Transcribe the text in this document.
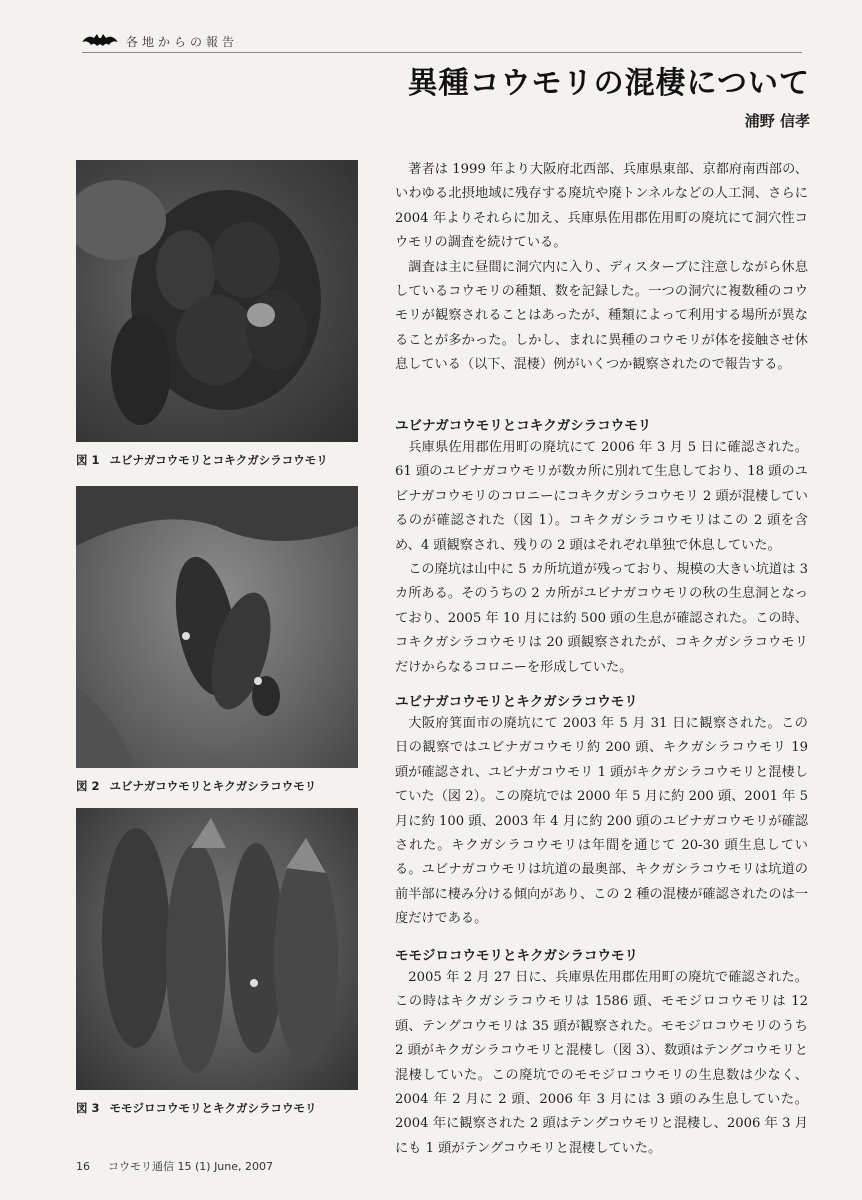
各地からの報告
異種コウモリの混棲について
浦野 信孝
図 1 ユビナガコウモリとコキクガシラコウモリ
図 2 ユビナガコウモリとキクガシラコウモリ
図 3 モモジロコウモリとキクガシラコウモリ

著者は 1999 年より大阪府北西部、兵庫県東部、京都府南西部の、いわゆる北摂地域に残存する廃坑や廃トンネルなどの人工洞、さらに 2004 年よりそれらに加え、兵庫県佐用郡佐用町の廃坑にて洞穴性コウモリの調査を続けている。

調査は主に昼間に洞穴内に入り、ディスターブに注意しながら休息しているコウモリの種類、数を記録した。一つの洞穴に複数種のコウモリが観察されることはあったが、種類によって利用する場所が異なることが多かった。しかし、まれに異種のコウモリが体を接触させ休息している（以下、混棲）例がいくつか観察されたので報告する。

ユビナガコウモリとコキクガシラコウモリ

兵庫県佐用郡佐用町の廃坑にて 2006 年 3 月 5 日に確認された。61 頭のユビナガコウモリが数カ所に別れて生息しており、18 頭のユビナガコウモリのコロニーにコキクガシラコウモリ 2 頭が混棲しているのが確認された（図 1）。コキクガシラコウモリはこの 2 頭を含め、4 頭観察され、残りの 2 頭はそれぞれ単独で休息していた。

この廃坑は山中に 5 カ所坑道が残っており、規模の大きい坑道は 3 カ所ある。そのうちの 2 カ所がユビナガコウモリの秋の生息洞となっており、2005 年 10 月には約 500 頭の生息が確認された。この時、コキクガシラコウモリは 20 頭観察されたが、コキクガシラコウモリだけからなるコロニーを形成していた。

ユビナガコウモリとキクガシラコウモリ

大阪府箕面市の廃坑にて 2003 年 5 月 31 日に観察された。この日の観察ではユビナガコウモリ約 200 頭、キクガシラコウモリ 19 頭が確認され、ユビナガコウモリ 1 頭がキクガシラコウモリと混棲していた（図 2）。この廃坑では 2000 年 5 月に約 200 頭、2001 年 5 月に約 100 頭、2003 年 4 月に約 200 頭のユビナガコウモリが確認された。キクガシラコウモリは年間を通じて 20-30 頭生息している。ユビナガコウモリは坑道の最奥部、キクガシラコウモリは坑道の前半部に棲み分ける傾向があり、この 2 種の混棲が確認されたのは一度だけである。

モモジロコウモリとキクガシラコウモリ

2005 年 2 月 27 日に、兵庫県佐用郡佐用町の廃坑で確認された。この時はキクガシラコウモリは 1586 頭、モモジロコウモリは 12 頭、テングコウモリは 35 頭が観察された。モモジロコウモリのうち 2 頭がキクガシラコウモリと混棲し（図 3）、数頭はテングコウモリと混棲していた。この廃坑でのモモジロコウモリの生息数は少なく、2004 年 2 月に 2 頭、2006 年 3 月には 3 頭のみ生息していた。2004 年に観察された 2 頭はテングコウモリと混棲し、2006 年 3 月にも 1 頭がテングコウモリと混棲していた。

16 コウモリ通信 15 (1) June, 2007
